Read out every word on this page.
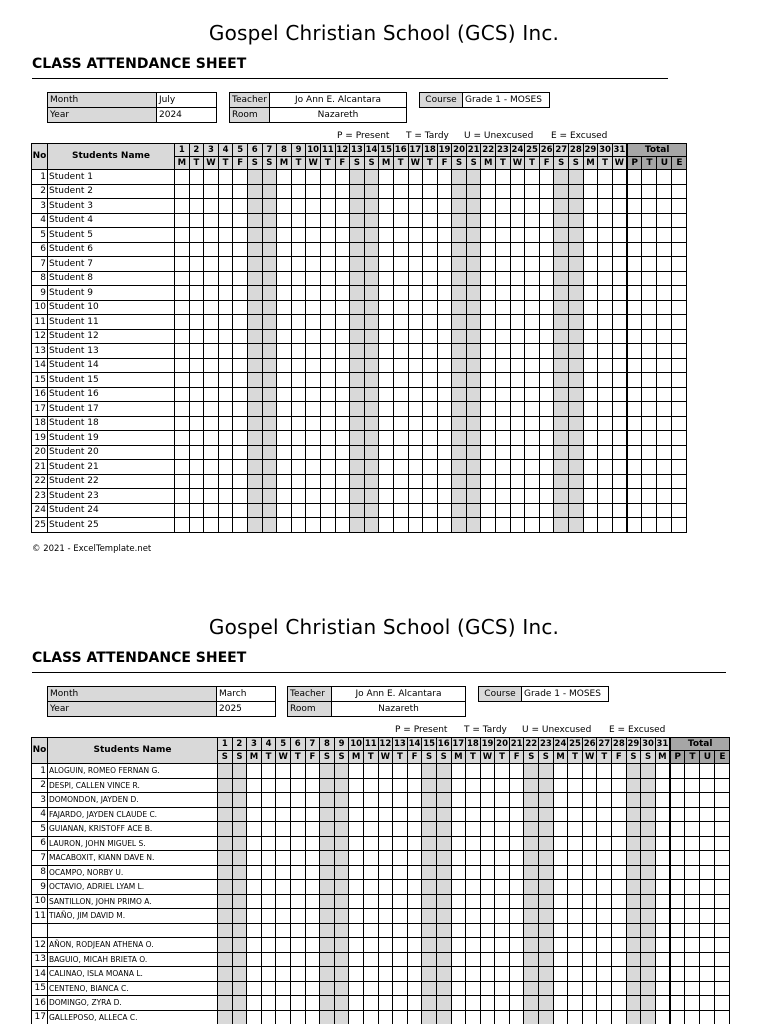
Gospel Christian School (GCS) Inc.
CLASS ATTENDANCE SHEET
Month	July
Year	2024
Teacher	Jo Ann E. Alcantara
Room	Nazareth
Course	Grade 1 - MOSES
P = Present T = Tardy U = Unexcused E = Excused
No	Students Name	1	2	3	4	5	6	7	8	9	10	11	12	13	14	15	16	17	18	19	20	21	22	23	24	25	26	27	28	29	30	31	Total			
		M	T	W	T	F	S	S	M	T	W	T	F	S	S	M	T	W	T	F	S	S	M	T	W	T	F	S	S	M	T	W	P	T	U	E
1	Student 1																																			
2	Student 2																																			
3	Student 3																																			
4	Student 4																																			
5	Student 5																																			
6	Student 6																																			
7	Student 7																																			
8	Student 8																																			
9	Student 9																																			
10	Student 10																																			
11	Student 11																																			
12	Student 12																																			
13	Student 13																																			
14	Student 14																																			
15	Student 15																																			
16	Student 16																																			
17	Student 17																																			
18	Student 18																																			
19	Student 19																																			
20	Student 20																																			
21	Student 21																																			
22	Student 22																																			
23	Student 23																																			
24	Student 24																																			
25	Student 25																																			
© 2021 - ExcelTemplate.net
Gospel Christian School (GCS) Inc.
CLASS ATTENDANCE SHEET
Month	March
Year	2025
Teacher	Jo Ann E. Alcantara
Room	Nazareth
Course	Grade 1 - MOSES
P = Present T = Tardy U = Unexcused E = Excused
No	Students Name	1	2	3	4	5	6	7	8	9	10	11	12	13	14	15	16	17	18	19	20	21	22	23	24	25	26	27	28	29	30	31	Total			
		S	S	M	T	W	T	F	S	S	M	T	W	T	F	S	S	M	T	W	T	F	S	S	M	T	W	T	F	S	S	M	P	T	U	E
1	ALOGUIN, ROMEO FERNAN G.																																			
2	DESPI, CALLEN VINCE R.																																			
3	DOMONDON, JAYDEN D.																																			
4	FAJARDO, JAYDEN CLAUDE C.																																			
5	GUIANAN, KRISTOFF ACE B.																																			
6	LAURON, JOHN MIGUEL S.																																			
7	MACABOXIT, KIANN DAVE N.																																			
8	OCAMPO, NORBY U.																																			
9	OCTAVIO, ADRIEL LYAM L.																																			
10	SANTILLON, JOHN PRIMO A.																																			
11	TIAÑO, JIM DAVID M.																																			

12	AÑON, RODJEAN ATHENA O.																																			
13	BAGUIO, MICAH BRIETA O.																																			
14	CALINAO, ISLA MOANA L.																																			
15	CENTENO, BIANCA C.																																			
16	DOMINGO, ZYRA D.																																			
17	GALLEPOSO, ALLECA C.																																			
